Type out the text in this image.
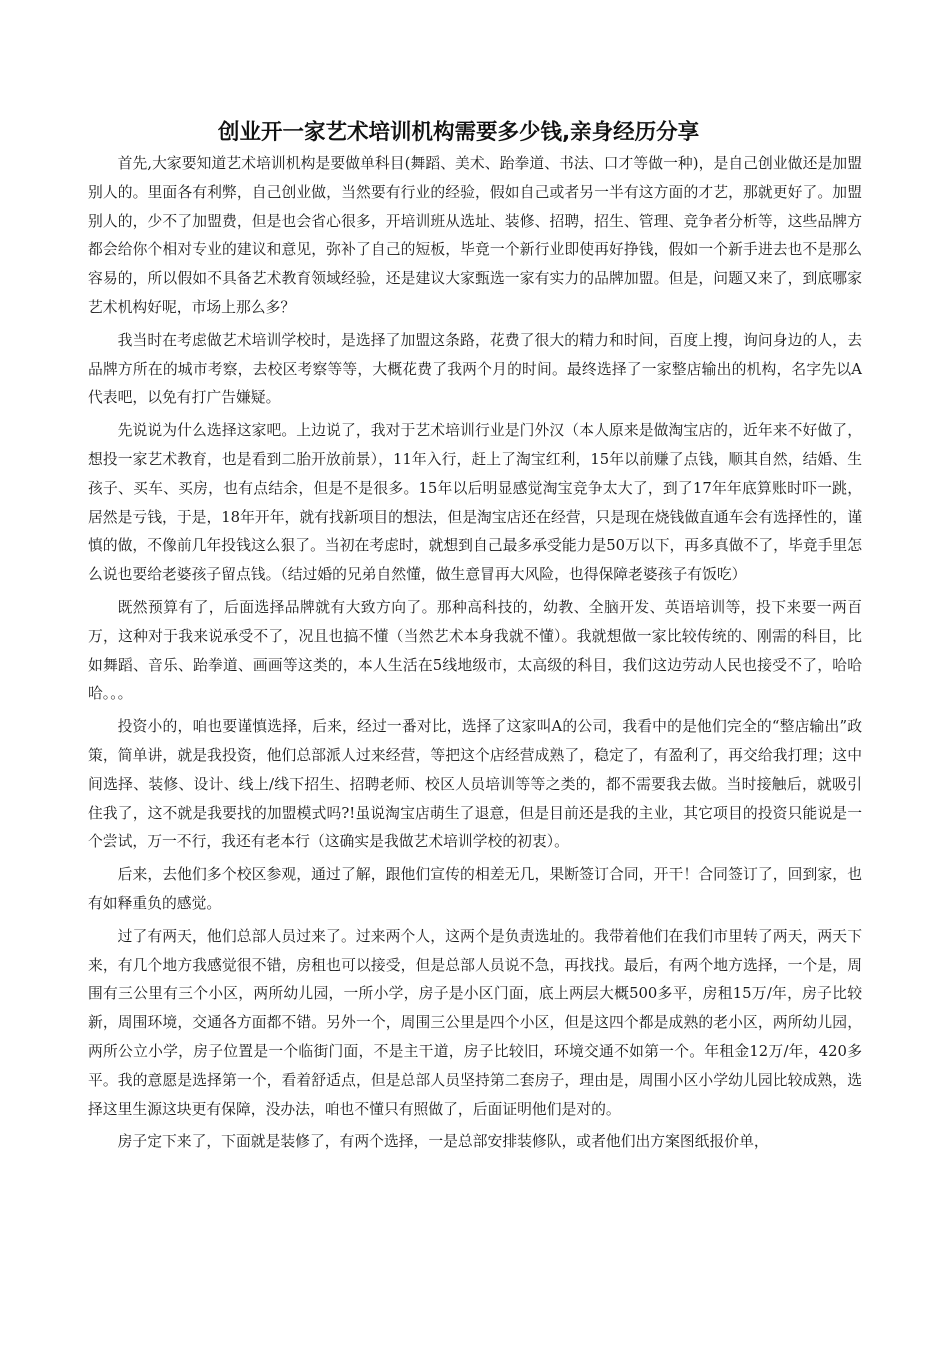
创业开一家艺术培训机构需要多少钱,亲身经历分享

首先,大家要知道艺术培训机构是要做单科目(舞蹈、美术、跆拳道、书法、口才等做一种)，是自己创业做还是加盟别人的。里面各有利弊，自己创业做，当然要有行业的经验，假如自己或者另一半有这方面的才艺，那就更好了。加盟别人的，少不了加盟费，但是也会省心很多，开培训班从选址、装修、招聘，招生、管理、竞争者分析等，这些品牌方都会给你个相对专业的建议和意见，弥补了自己的短板，毕竟一个新行业即使再好挣钱，假如一个新手进去也不是那么容易的，所以假如不具备艺术教育领域经验，还是建议大家甄选一家有实力的品牌加盟。但是，问题又来了，到底哪家艺术机构好呢，市场上那么多？

我当时在考虑做艺术培训学校时，是选择了加盟这条路，花费了很大的精力和时间，百度上搜，询问身边的人，去品牌方所在的城市考察，去校区考察等等，大概花费了我两个月的时间。最终选择了一家整店输出的机构，名字先以A代表吧，以免有打广告嫌疑。

先说说为什么选择这家吧。上边说了，我对于艺术培训行业是门外汉（本人原来是做淘宝店的，近年来不好做了，想投一家艺术教育，也是看到二胎开放前景），11年入行，赶上了淘宝红利，15年以前赚了点钱，顺其自然，结婚、生孩子、买车、买房，也有点结余，但是不是很多。15年以后明显感觉淘宝竞争太大了，到了17年年底算账时吓一跳，居然是亏钱，于是，18年开年，就有找新项目的想法，但是淘宝店还在经营，只是现在烧钱做直通车会有选择性的，谨慎的做，不像前几年投钱这么狠了。当初在考虑时，就想到自己最多承受能力是50万以下，再多真做不了，毕竟手里怎么说也要给老婆孩子留点钱。（结过婚的兄弟自然懂，做生意冒再大风险，也得保障老婆孩子有饭吃）

既然预算有了，后面选择品牌就有大致方向了。那种高科技的，幼教、全脑开发、英语培训等，投下来要一两百万，这种对于我来说承受不了，况且也搞不懂（当然艺术本身我就不懂）。我就想做一家比较传统的、刚需的科目，比如舞蹈、音乐、跆拳道、画画等这类的，本人生活在5线地级市，太高级的科目，我们这边劳动人民也接受不了，哈哈哈。。。

投资小的，咱也要谨慎选择，后来，经过一番对比，选择了这家叫A的公司，我看中的是他们完全的“整店输出”政策，简单讲，就是我投资，他们总部派人过来经营，等把这个店经营成熟了，稳定了，有盈利了，再交给我打理；这中间选择、装修、设计、线上/线下招生、招聘老师、校区人员培训等等之类的，都不需要我去做。当时接触后，就吸引住我了，这不就是我要找的加盟模式吗?!虽说淘宝店萌生了退意，但是目前还是我的主业，其它项目的投资只能说是一个尝试，万一不行，我还有老本行（这确实是我做艺术培训学校的初衷）。

后来，去他们多个校区参观，通过了解，跟他们宣传的相差无几，果断签订合同，开干！合同签订了，回到家，也有如释重负的感觉。

过了有两天，他们总部人员过来了。过来两个人，这两个是负责选址的。我带着他们在我们市里转了两天，两天下来，有几个地方我感觉很不错，房租也可以接受，但是总部人员说不急，再找找。最后，有两个地方选择，一个是，周围有三公里有三个小区，两所幼儿园，一所小学，房子是小区门面，底上两层大概500多平，房租15万/年，房子比较新，周围环境，交通各方面都不错。另外一个，周围三公里是四个小区，但是这四个都是成熟的老小区，两所幼儿园，两所公立小学，房子位置是一个临街门面，不是主干道，房子比较旧，环境交通不如第一个。年租金12万/年，420多平。我的意愿是选择第一个，看着舒适点，但是总部人员坚持第二套房子，理由是，周围小区小学幼儿园比较成熟，选择这里生源这块更有保障，没办法，咱也不懂只有照做了，后面证明他们是对的。

房子定下来了，下面就是装修了，有两个选择，一是总部安排装修队，或者他们出方案图纸报价单，
